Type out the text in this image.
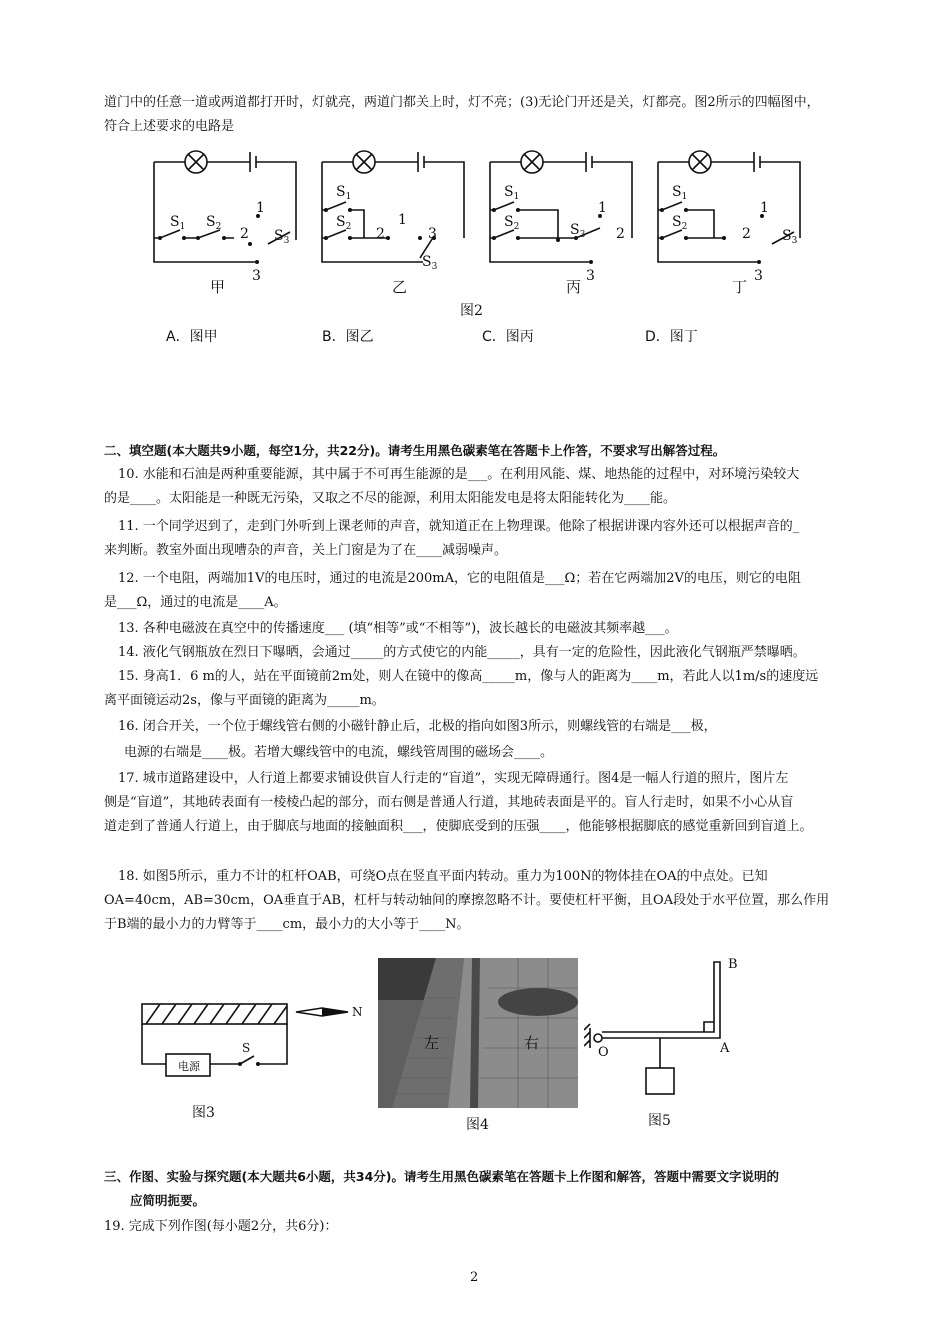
道门中的任意一道或两道都打开时，灯就亮，两道门都关上时，灯不亮；(3)无论门开还是关，灯都亮。图2所示的四幅图中，
符合上述要求的电路是
$S_1$ $S_2$
$S_3$
1
2
3
$S_1$
$S_2$
$S_3$
1
2	3
$S_1$
$S_2$	$S_3$
1
2
3
$S_1$
$S_2$
$S_3$
1
2
3
甲	乙	丙	丁
图2
A．图甲	B．图乙	C．图丙	D．图丁
二、填空题(本大题共9小题，每空1分，共22分)。请考生用黑色碳素笔在答题卡上作答，不要求写出解答过程。
10. 水能和石油是两种重要能源，其中属于不可再生能源的是___。在利用风能、煤、地热能的过程中，对环境污染较大
的是____。太阳能是一种既无污染，又取之不尽的能源，利用太阳能发电是将太阳能转化为____能。
11. 一个同学迟到了，走到门外听到上课老师的声音，就知道正在上物理课。他除了根据讲课内容外还可以根据声音的_
来判断。教室外面出现嘈杂的声音，关上门窗是为了在____减弱噪声。
12. 一个电阻，两端加1V的电压时，通过的电流是200mA，它的电阻值是___Ω；若在它两端加2V的电压，则它的电阻
是___Ω，通过的电流是____A。
13. 各种电磁波在真空中的传播速度___ (填“相等”或“不相等”)，波长越长的电磁波其频率越___。
14. 液化气钢瓶放在烈日下曝晒，会通过_____的方式使它的内能_____，具有一定的危险性，因此液化气钢瓶严禁曝晒。
15. 身高1．6 m的人，站在平面镜前2m处，则人在镜中的像高_____m，像与人的距离为____m，若此人以1m/s的速度远
离平面镜运动2s，像与平面镜的距离为_____m。
16. 闭合开关，一个位于螺线管右侧的小磁针静止后，北极的指向如图3所示，则螺线管的右端是___极，
电源的右端是____极。若增大螺线管中的电流，螺线管周围的磁场会____。
17. 城市道路建设中，人行道上都要求铺设供盲人行走的“盲道”，实现无障碍通行。图4是一幅人行道的照片，图片左
侧是“盲道”，其地砖表面有一棱棱凸起的部分，而右侧是普通人行道，其地砖表面是平的。盲人行走时，如果不小心从盲
道走到了普通人行道上，由于脚底与地面的接触面积___，使脚底受到的压强____，他能够根据脚底的感觉重新回到盲道上。
18. 如图5所示，重力不计的杠杆OAB，可绕O点在竖直平面内转动。重力为100N的物体挂在OA的中点处。已知
OA=40cm，AB=30cm，OA垂直于AB，杠杆与转动轴间的摩擦忽略不计。要使杠杆平衡，且OA段处于水平位置，那么作用
于B端的最小力的力臂等于____cm，最小力的大小等于____N。
电源
S
N
图3
左	右
图4
B
A
O
图5
三、作图、实验与探究题(本大题共6小题，共34分)。请考生用黑色碳素笔在答题卡上作图和解答，答题中需要文字说明的
应简明扼要。
19. 完成下列作图(每小题2分，共6分)：
2
